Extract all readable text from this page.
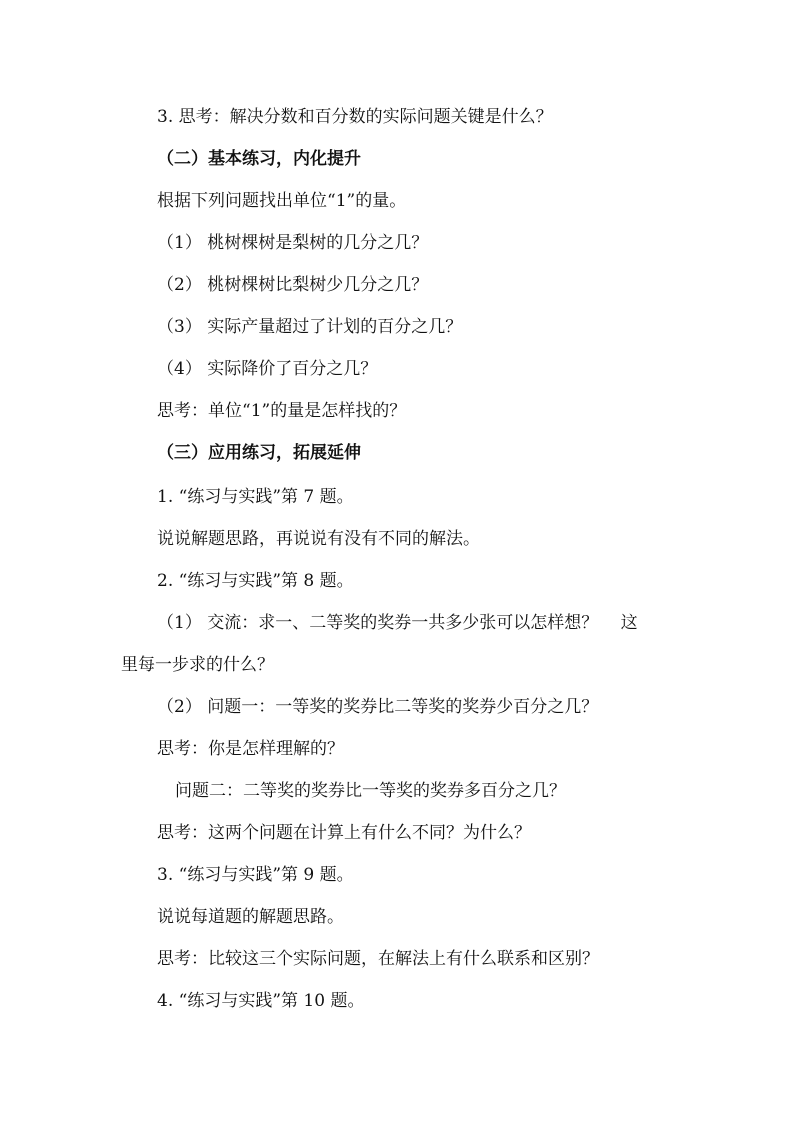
3. 思考：解决分数和百分数的实际问题关键是什么？
（二）基本练习，内化提升
根据下列问题找出单位“1”的量。
（1） 桃树棵树是梨树的几分之几？
（2） 桃树棵树比梨树少几分之几？
（3） 实际产量超过了计划的百分之几？
（4） 实际降价了百分之几？
思考：单位“1”的量是怎样找的？
（三）应用练习，拓展延伸
1. “练习与实践”第 7 题。
说说解题思路，再说说有没有不同的解法。
2. “练习与实践”第 8 题。
（1） 交流：求一、二等奖的奖券一共多少张可以怎样想？　 这
里每一步求的什么？
（2） 问题一：一等奖的奖券比二等奖的奖券少百分之几？
思考：你是怎样理解的？
问题二：二等奖的奖券比一等奖的奖券多百分之几？
思考：这两个问题在计算上有什么不同？为什么？
3. “练习与实践”第 9 题。
说说每道题的解题思路。
思考：比较这三个实际问题，在解法上有什么联系和区别？
4. “练习与实践”第 10 题。
